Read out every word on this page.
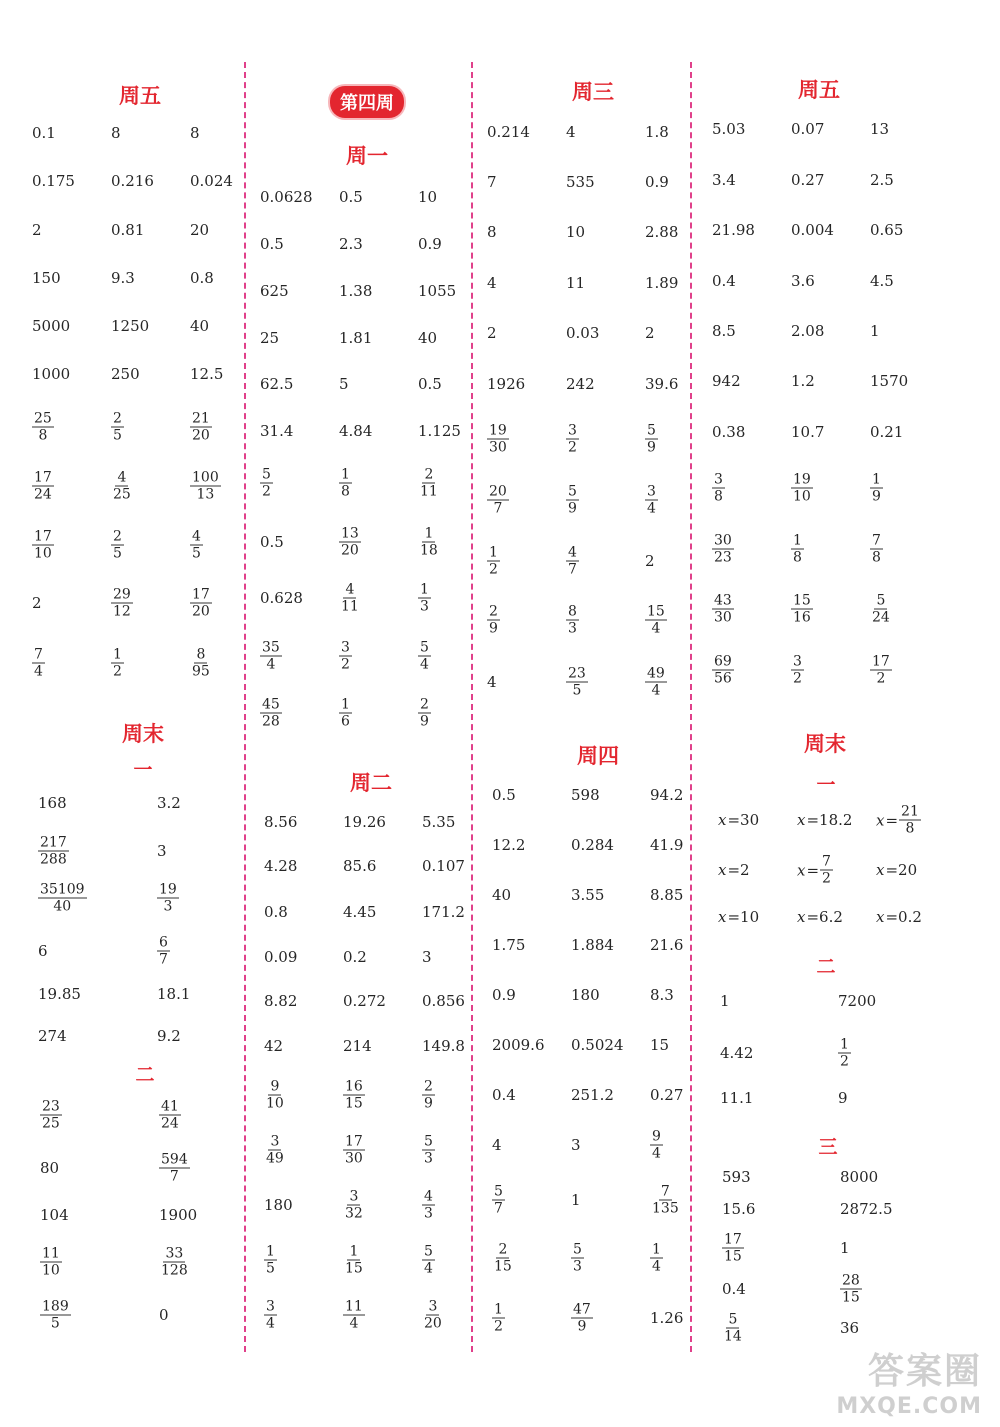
第四周
答案圈
MXQE.COM
周五
0.1	8	8
0.175 0.216 0.024
2	0.81	20
150	9.3	0.8
5000	1250	40
1000	250	12.5
$\frac{25}{8}$	$\frac{2}{5}$	$\frac{21}{20}$
$\frac{17}{24}$	$\frac{4}{25}$	$\frac{100}{13}$
$\frac{17}{10}$	$\frac{2}{5}$	$\frac{4}{5}$
2	$\frac{29}{12}$	$\frac{17}{20}$
$\frac{7}{4}$	$\frac{1}{2}$	$\frac{8}{95}$
周末
一
168	3.2
$\frac{217}{288}$	3
$\frac{35109}{40}$	$\frac{19}{3}$
6	$\frac{6}{7}$
19.85	18.1
274	9.2
二
$\frac{23}{25}$	$\frac{41}{24}$
80	$\frac{594}{7}$
104	1900
$\frac{11}{10}$	$\frac{33}{128}$
$\frac{189}{5}$	0
周一
0.0628 0.5	10
0.5	2.3	0.9
625	1.38	1055
25	1.81	40
62.5	5	0.5
31.4	4.84	1.125
$\frac{5}{2}$	$\frac{1}{8}$	$\frac{2}{11}$
0.5	$\frac{13}{20}$	$\frac{1}{18}$
0.628	$\frac{4}{11}$	$\frac{1}{3}$
$\frac{35}{4}$	$\frac{3}{2}$	$\frac{5}{4}$
$\frac{45}{28}$	$\frac{1}{6}$	$\frac{2}{9}$
周二
8.56	19.26 5.35
4.28	85.6	0.107
0.8	4.45	171.2
0.09	0.2	3
8.82	0.272 0.856
42	214	149.8
$\frac{9}{10}$	$\frac{16}{15}$	$\frac{2}{9}$
$\frac{3}{49}$	$\frac{17}{30}$	$\frac{5}{3}$
180	$\frac{3}{32}$	$\frac{4}{3}$
$\frac{1}{5}$	$\frac{1}{15}$	$\frac{5}{4}$
$\frac{3}{4}$	$\frac{11}{4}$	$\frac{3}{20}$
周三
0.214 4	1.8
7	535	0.9
8	10	2.88
4	11	1.89
2	0.03	2
1926	242	39.6
$\frac{19}{30}$	$\frac{3}{2}$	$\frac{5}{9}$
$\frac{20}{7}$	$\frac{5}{9}$	$\frac{3}{4}$
$\frac{1}{2}$	$\frac{4}{7}$	2
$\frac{2}{9}$	$\frac{8}{3}$	$\frac{15}{4}$
4	$\frac{23}{5}$	$\frac{49}{4}$
周四
0.5	598	94.2
12.2	0.284 41.9
40	3.55	8.85
1.75	1.884 21.6
0.9	180	8.3
2009.6 0.5024 15
0.4	251.2 0.27
4	3	$\frac{9}{4}$
$\frac{5}{7}$	1	$\frac{7}{135}$
$\frac{2}{15}$	$\frac{5}{3}$	$\frac{1}{4}$
$\frac{1}{2}$	$\frac{47}{9}$	1.26
周五
5.03	0.07	13
3.4	0.27	2.5
21.98 0.004 0.65
0.4	3.6	4.5
8.5	2.08	1
942	1.2	1570
0.38	10.7	0.21
$\frac{3}{8}$	$\frac{19}{10}$	$\frac{1}{9}$
$\frac{30}{23}$	$\frac{1}{8}$	$\frac{7}{8}$
$\frac{43}{30}$	$\frac{15}{16}$	$\frac{5}{24}$
$\frac{69}{56}$	$\frac{3}{2}$	$\frac{17}{2}$
周末
一
x =30	x =18.2 $x = \frac{21}{8}$
x =2	$x = \frac{7}{2}$	x =20
x =10	x =6.2 x =0.2
二
1	7200
4.42	$\frac{1}{2}$
11.1	9
三
593	8000
15.6	2872.5
$\frac{17}{15}$	1
0.4	$\frac{28}{15}$
$\frac{5}{14}$	36
